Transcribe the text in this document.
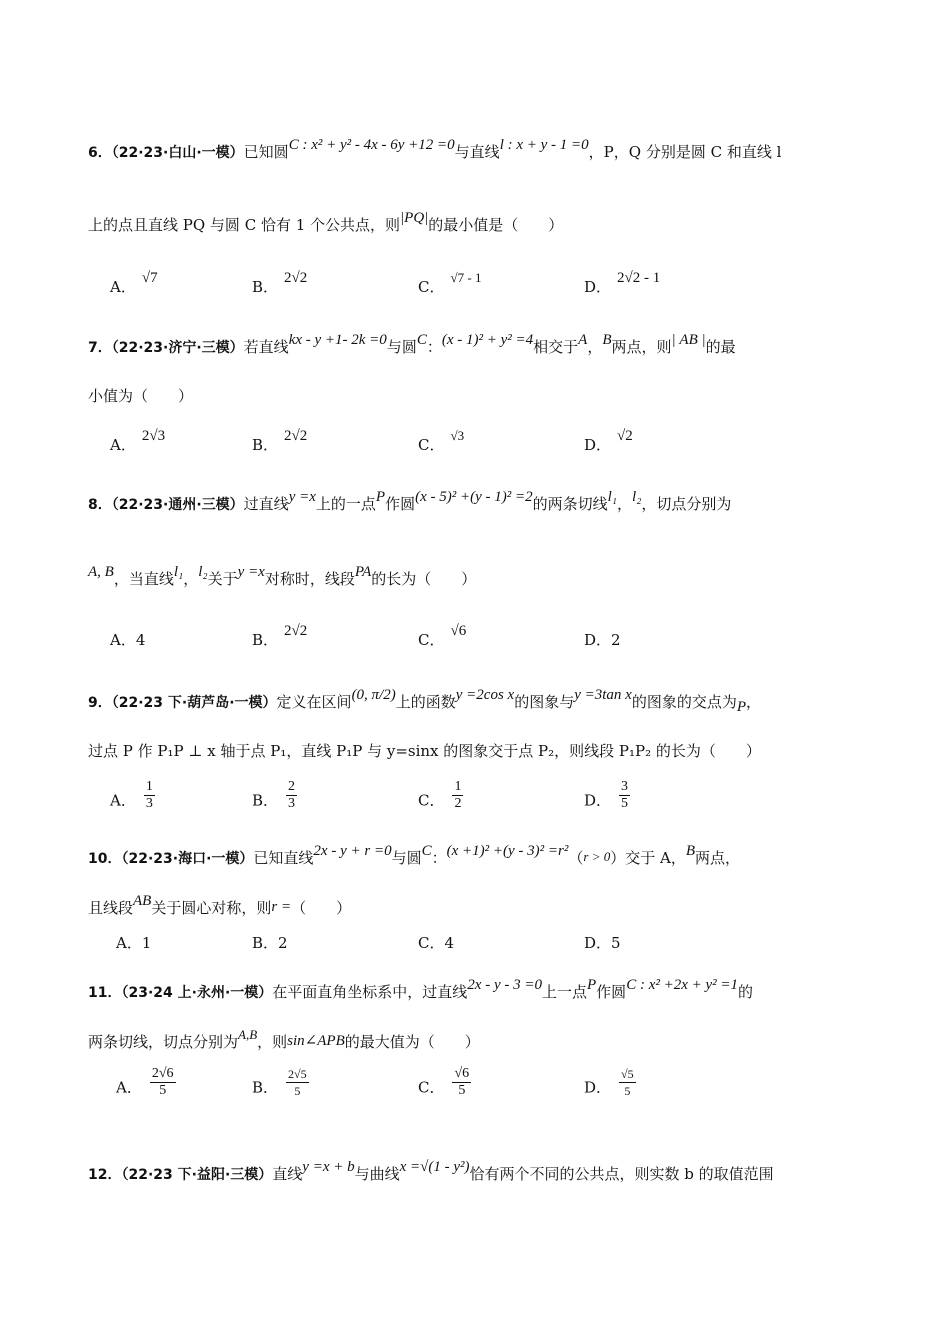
6．（22·23·白山·一模）已知圆C : x² + y² - 4x - 6y +12 =0与直线l : x + y - 1 =0，P，Q 分别是圆 C 和直线 l
上的点且直线 PQ 与圆 C 恰有 1 个公共点，则|PQ|的最小值是（　　）
A． √7	B． 2√2	C．√7 - 1
D． 2√2 - 1
7．（22·23·济宁·三模）若直线kx - y +1- 2k =0与圆C：(x - 1)² + y² =4相交于A，B两点，则| AB |的最
小值为（　　）
A． 2√3	B． 2√2	C．√3
D． √2
8．（22·23·通州·三模）过直线y =x上的一点P作圆(x - 5)² +(y - 1)² =2的两条切线l₁，l₂，切点分别为
A, B，当直线l₁，l₂关于y =x对称时，线段PA的长为（　　）
A．4	B． 2√2	C． √6	D．2
9．（22·23 下·葫芦岛·一模）定义在区间(0, π/2)上的函数y =2cos x的图象与y =3tan x的图象的交点为P，
过点 P 作 P₁P ⊥ x 轴于点 P₁，直线 P₁P 与 y=sinx 的图象交于点 P₂，则线段 P₁P₂ 的长为（　　）
A． $\frac{1}{3}$	B． $\frac{2}{3}$	C． $\frac{1}{2}$	D． $\frac{3}{5}$
10．（22·23·海口·一模）已知直线2x - y + r =0与圆C：(x +1)² +(y - 3)² =r²（r > 0）交于 A，B两点，
且线段AB关于圆心对称，则r =（　　）
A．1	B．2	C．4	D．5
11．（23·24 上·永州·一模）在平面直角坐标系中，过直线2x - y - 3 =0上一点P作圆C : x² +2x + y² =1的
两条切线，切点分别为A,B，则sin∠APB的最大值为（　　）
A． $\frac{2√6}{5}$	B． $\frac{2√5}{5}$	C． $\frac{√6}{5}$	D． $\frac{√5}{5}$
12．（22·23 下·益阳·三模）直线y =x + b与曲线x =√(1 - y²)恰有两个不同的公共点，则实数 b 的取值范围
